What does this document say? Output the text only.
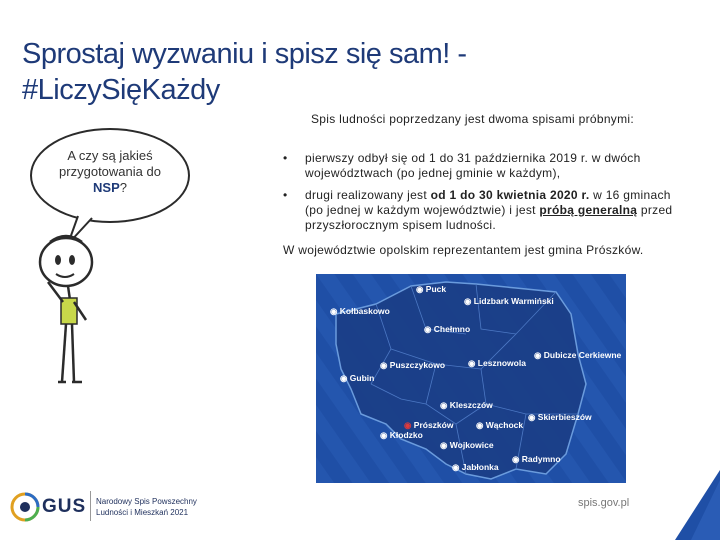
Sprostaj wyzwaniu i spisz się sam! - #LiczySięKażdy
A czy są jakieś przygotowania do NSP?
Spis ludności poprzedzany jest dwoma spisami próbnymi:
• pierwszy odbył się od 1 do 31 października 2019 r. w dwóch województwach (po jednej gminie w każdym),
• drugi realizowany jest od 1 do 30 kwietnia 2020 r. w 16 gminach (po jednej w każdym województwie) i jest próbą generalną przed przyszłorocznym spisem ludności.
W województwie opolskim reprezentantem jest gmina Prószków.
◉ Puck
◉ Lidzbark Warmiński
◉ Kołbaskowo
◉ Chełmno
◉ Dubicze Cerkiewne
◉ Puszczykowo	◉ Lesznowola
◉ Gubin
◉ Kleszczów
◉ Skierbieszów
◉ Prószków	◉ Wąchock
◉ Kłodzko
◉ Wojkowice
◉ Radymno
◉ Jabłonka
GUS Narodowy Spis Powszechny
Ludności i Mieszkań 2021
spis.gov.pl
